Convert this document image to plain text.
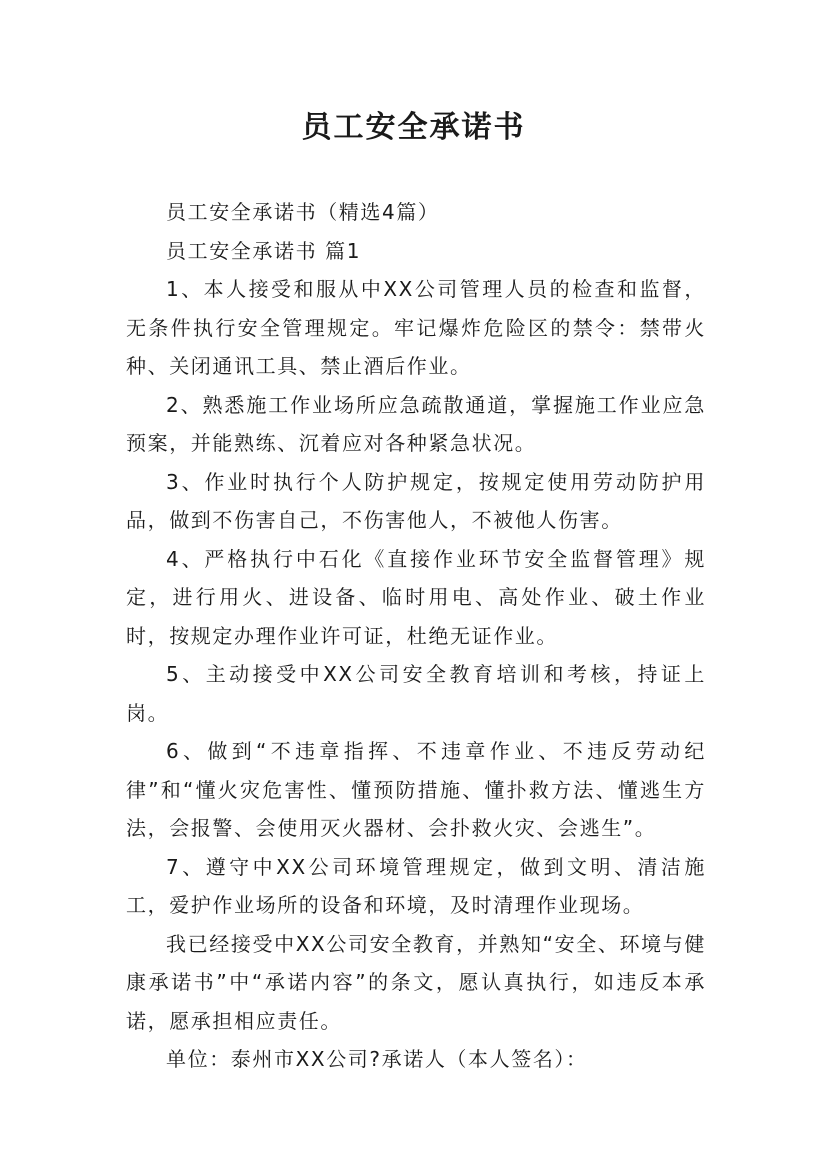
员工安全承诺书

员工安全承诺书（精选4篇）

员工安全承诺书 篇1

1、本人接受和服从中XX公司管理人员的检查和监督，无条件执行安全管理规定。牢记爆炸危险区的禁令：禁带火种、关闭通讯工具、禁止酒后作业。

2、熟悉施工作业场所应急疏散通道，掌握施工作业应急预案，并能熟练、沉着应对各种紧急状况。

3、作业时执行个人防护规定，按规定使用劳动防护用品，做到不伤害自己，不伤害他人，不被他人伤害。

4、严格执行中石化《直接作业环节安全监督管理》规定，进行用火、进设备、临时用电、高处作业、破土作业时，按规定办理作业许可证，杜绝无证作业。

5、主动接受中XX公司安全教育培训和考核，持证上岗。

6、做到“不违章指挥、不违章作业、不违反劳动纪律”和“懂火灾危害性、懂预防措施、懂扑救方法、懂逃生方法，会报警、会使用灭火器材、会扑救火灾、会逃生”。

7、遵守中XX公司环境管理规定，做到文明、清洁施工，爱护作业场所的设备和环境，及时清理作业现场。

我已经接受中XX公司安全教育，并熟知“安全、环境与健康承诺书”中“承诺内容”的条文，愿认真执行，如违反本承诺，愿承担相应责任。

单位：泰州市XX公司?承诺人（本人签名）：
